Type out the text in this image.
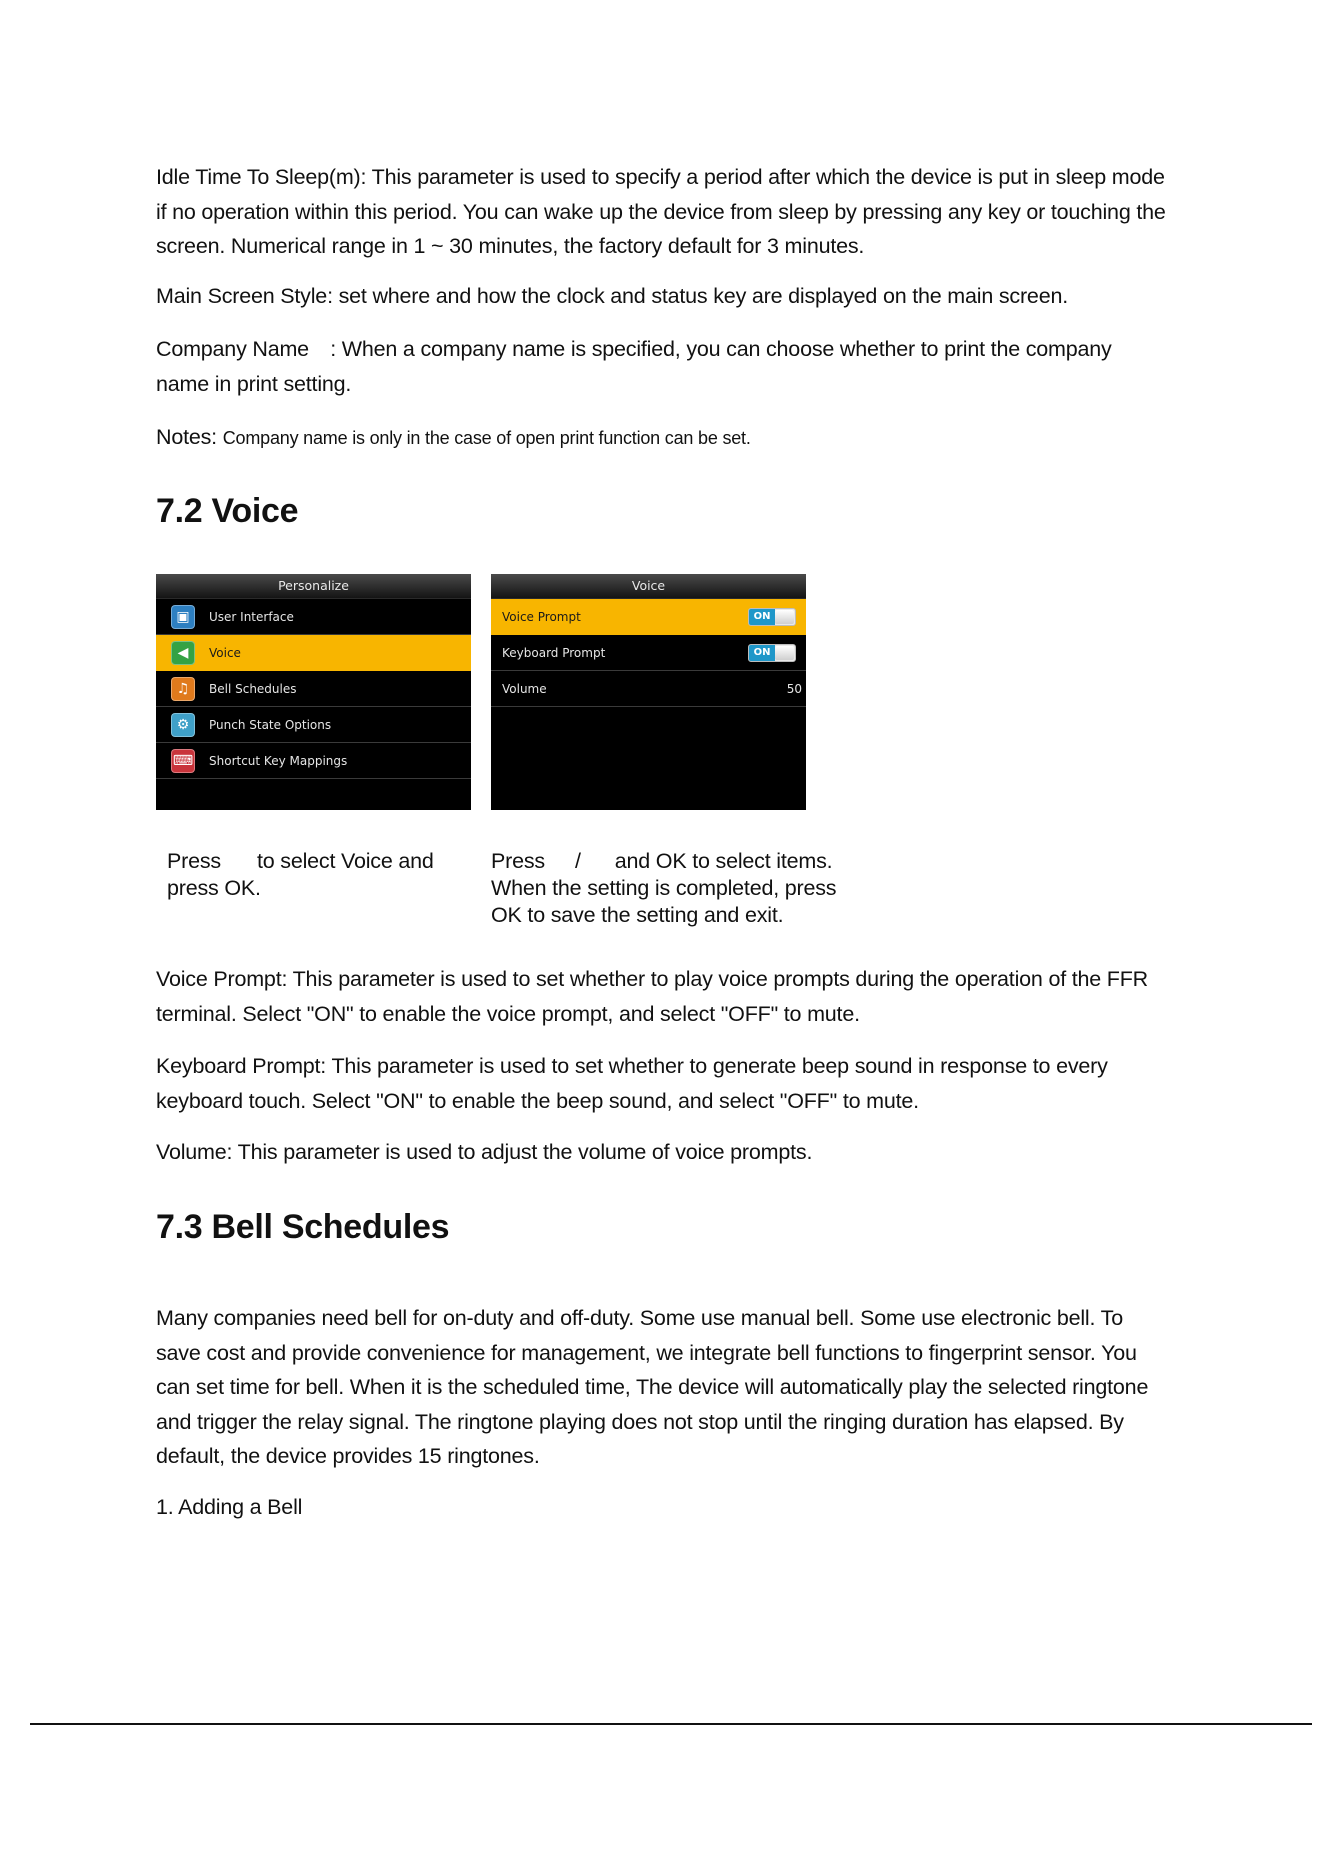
Idle Time To Sleep(m): This parameter is used to specify a period after which the device is put in sleep mode if no operation within this period. You can wake up the device from sleep by pressing any key or touching the screen. Numerical range in 1 ~ 30 minutes, the factory default for 3 minutes.

Main Screen Style: set where and how the clock and status key are displayed on the main screen.

Company Name : When a company name is specified, you can choose whether to print the company name in print setting.

Notes: Company name is only in the case of open print function can be set.

7.2 Voice
Personalize
▣	User Interface
◀	Voice
♫	Bell Schedules
⚙	Punch State Options
⌨ Shortcut Key Mappings
Voice
Voice Prompt	ON
Keyboard Prompt	ON
Volume	50
Press to select Voice and
press OK.
Press / and OK to select items.
When the setting is completed, press
OK to save the setting and exit.

Voice Prompt: This parameter is used to set whether to play voice prompts during the operation of the FFR terminal. Select "ON" to enable the voice prompt, and select "OFF" to mute.

Keyboard Prompt: This parameter is used to set whether to generate beep sound in response to every keyboard touch. Select "ON" to enable the beep sound, and select "OFF" to mute.

Volume: This parameter is used to adjust the volume of voice prompts.

7.3 Bell Schedules

Many companies need bell for on-duty and off-duty. Some use manual bell. Some use electronic bell. To save cost and provide convenience for management, we integrate bell functions to fingerprint sensor. You can set time for bell. When it is the scheduled time, The device will automatically play the selected ringtone and trigger the relay signal. The ringtone playing does not stop until the ringing duration has elapsed. By default, the device provides 15 ringtones.

1. Adding a Bell
